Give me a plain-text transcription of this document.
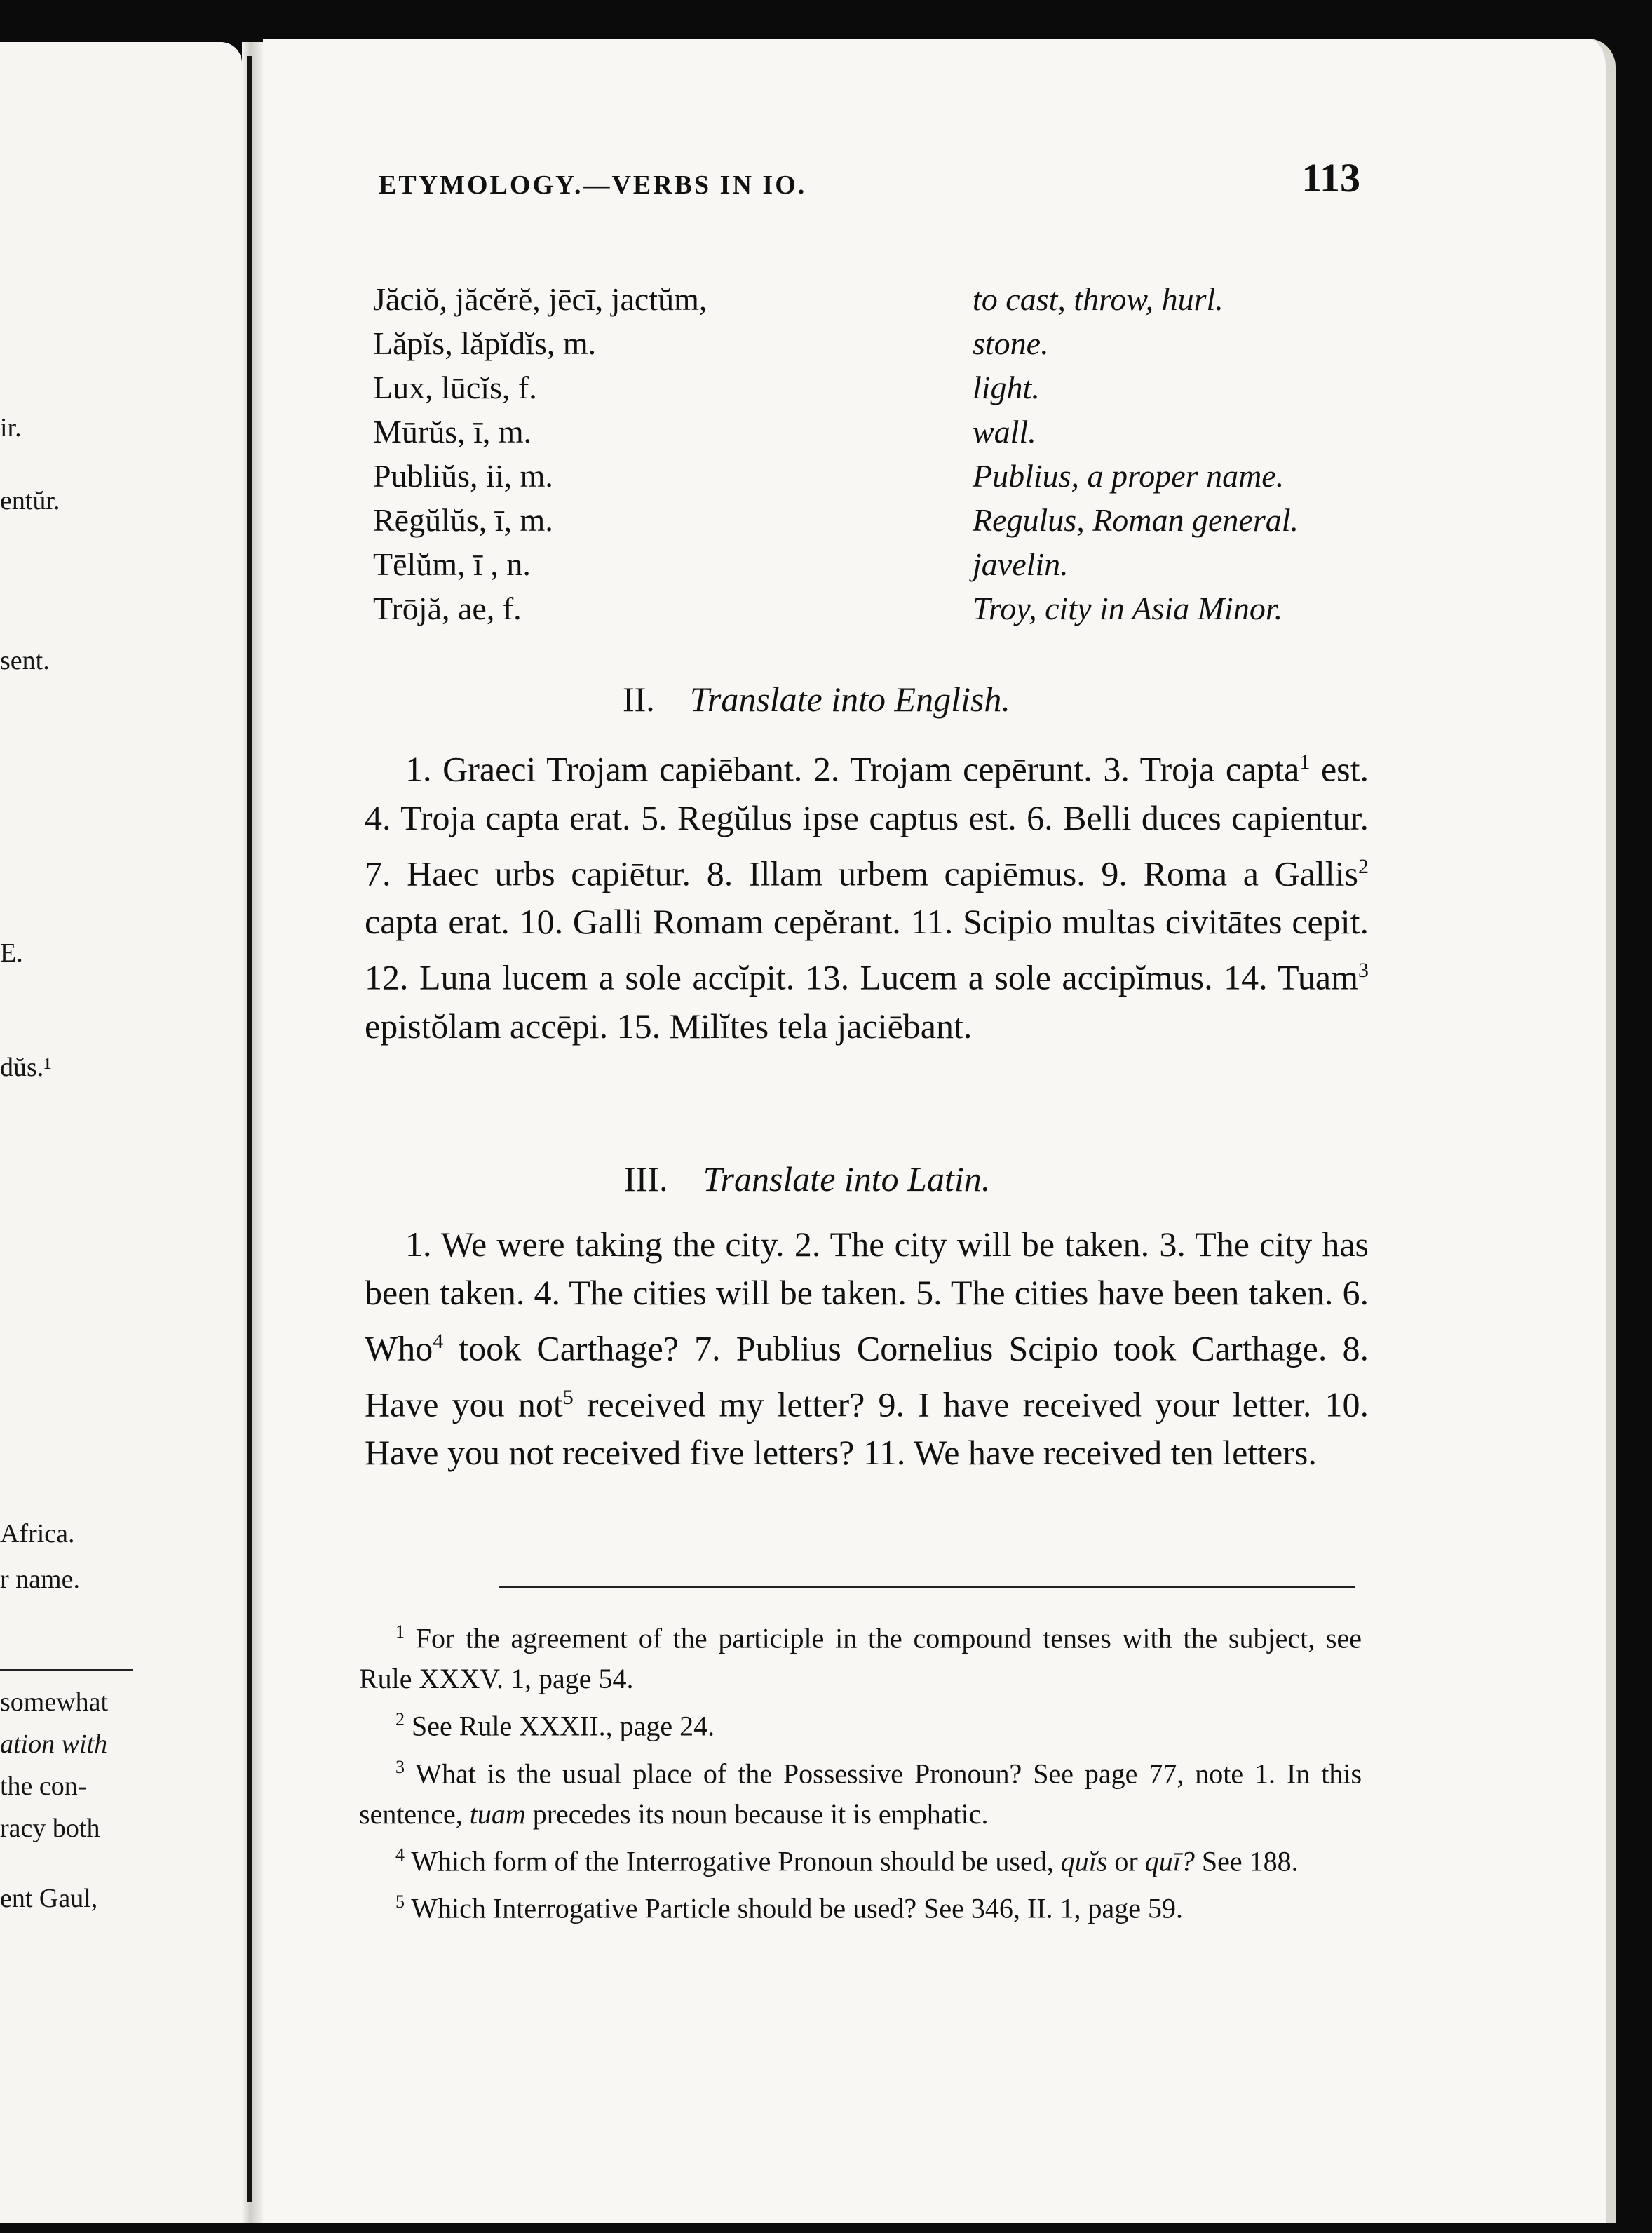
ir.
entŭr.
sent.
E.
dŭs.¹
Africa.
r name.
somewhat
ation with
the con-
racy both
ent Gaul,
ETYMOLOGY.—VERBS IN IO.	113
Jăciŏ, jăcĕrĕ, jēcī, jactŭm,	to cast, throw, hurl.
Lăpĭs, lăpĭdĭs, m.	stone.
Lux, lūcĭs, f.	light.
Mūrŭs, ī, m.	wall.
Publiŭs, ii, m.	Publius, a proper name.
Rēgŭlŭs, ī, m.	Regulus, Roman general.
Tēlŭm, ī , n.	javelin.
Trōjă, ae, f.	Troy, city in Asia Minor.
II. Translate into English.
1. Graeci Trojam capiēbant. 2. Trojam cepērunt. 3. Troja capta$^1$ est. 4. Troja capta erat. 5. Regŭlus ipse captus est. 6. Belli duces capientur. 7. Haec urbs capiētur. 8. Illam urbem capiēmus. 9. Roma a Gallis$^2$ capta erat. 10. Galli Romam cepĕrant. 11. Scipio multas civitātes cepit. 12. Luna lucem a sole accĭpit. 13. Lucem a sole accipĭmus. 14. Tuam$^3$ epistŏlam accēpi. 15. Milĭtes tela jaciēbant.
III. Translate into Latin.
1. We were taking the city. 2. The city will be taken. 3. The city has been taken. 4. The cities will be taken. 5. The cities have been taken. 6. Who$^4$ took Carthage? 7. Publius Cornelius Scipio took Carthage. 8. Have you not$^5$ received my letter? 9. I have received your letter. 10. Have you not received five letters? 11. We have received ten letters.
$^1$ For the agreement of the participle in the compound tenses with the subject, see Rule XXXV. 1, page 54.
$^2$ See Rule XXXII., page 24.
$^3$ What is the usual place of the Possessive Pronoun? See page 77, note 1. In this sentence, tuam precedes its noun because it is emphatic.
$^4$ Which form of the Interrogative Pronoun should be used, quĭs or quī? See 188.
$^5$ Which Interrogative Particle should be used? See 346, II. 1, page 59.
